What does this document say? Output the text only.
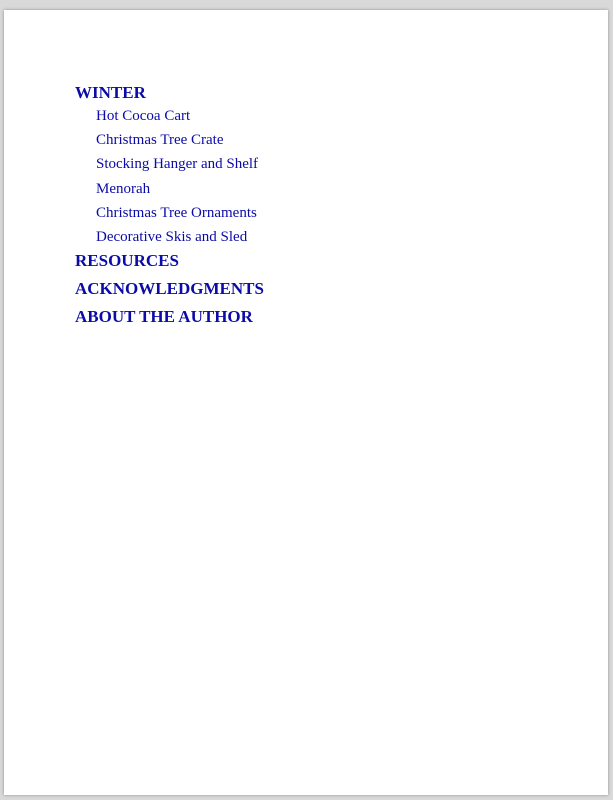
WINTER
Hot Cocoa Cart
Christmas Tree Crate
Stocking Hanger and Shelf
Menorah
Christmas Tree Ornaments
Decorative Skis and Sled
RESOURCES
ACKNOWLEDGMENTS
ABOUT THE AUTHOR
